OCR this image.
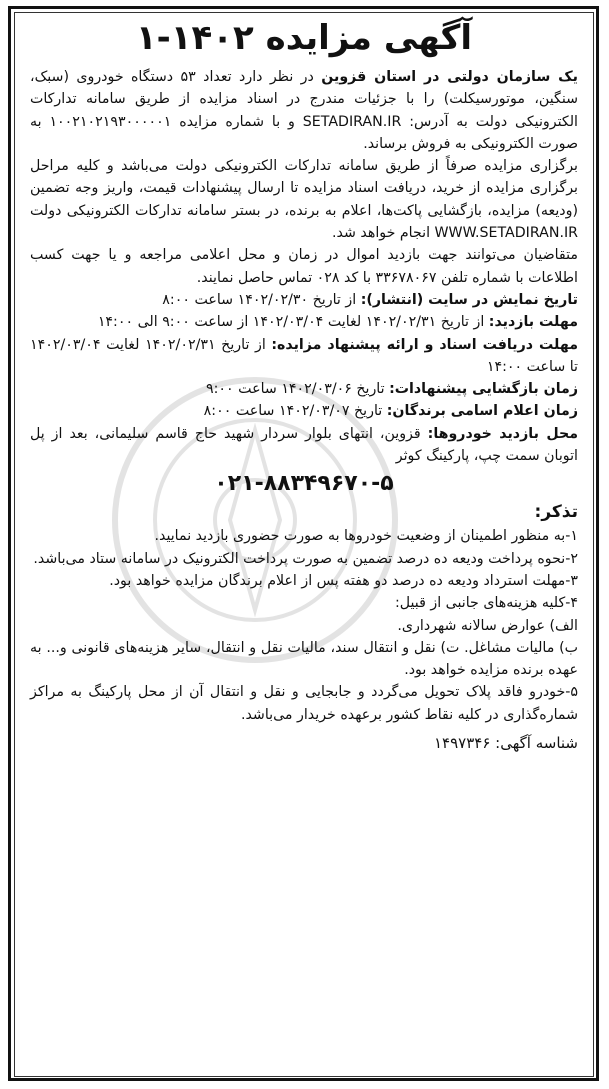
آگهی مزایده ۱۴۰۲-۱

یک سازمان دولتی در استان قزوین در نظر دارد تعداد ۵۳ دستگاه خودروی (سبک، سنگین، موتورسیکلت) را با جزئیات مندرج در اسناد مزایده از طریق سامانه تدارکات الکترونیکی دولت به آدرس: SETADIRAN.IR و با شماره مزایده ۱۰۰۲۱۰۲۱۹۳۰۰۰۰۰۱ به صورت الکترونیکی به فروش برساند.

برگزاری مزایده صرفاً از طریق سامانه تدارکات الکترونیکی دولت می‌باشد و کلیه مراحل برگزاری مزایده از خرید، دریافت اسناد مزایده تا ارسال پیشنهادات قیمت، واریز وجه تضمین (ودیعه) مزایده، بازگشایی پاکت‌ها، اعلام به برنده، در بستر سامانه تدارکات الکترونیکی دولت WWW.SETADIRAN.IR انجام خواهد شد.

متقاضیان می‌توانند جهت بازدید اموال در زمان و محل اعلامی مراجعه و یا جهت کسب اطلاعات با شماره تلفن ۳۳۶۷۸۰۶۷ با کد ۰۲۸ تماس حاصل نمایند.

تاریخ نمایش در سایت (انتشار): از تاریخ ۱۴۰۲/۰۲/۳۰ ساعت ۸:۰۰

مهلت بازدید: از تاریخ ۱۴۰۲/۰۲/۳۱ لغایت ۱۴۰۲/۰۳/۰۴ از ساعت ۹:۰۰ الی ۱۴:۰۰

مهلت دریافت اسناد و ارائه پیشنهاد مزایده: از تاریخ ۱۴۰۲/۰۲/۳۱ لغایت ۱۴۰۲/۰۳/۰۴ تا ساعت ۱۴:۰۰

زمان بازگشایی پیشنهادات: تاریخ ۱۴۰۲/۰۳/۰۶ ساعت ۹:۰۰

زمان اعلام اسامی برندگان: تاریخ ۱۴۰۲/۰۳/۰۷ ساعت ۸:۰۰

محل بازدید خودروها: قزوین، انتهای بلوار سردار شهید حاج قاسم سلیمانی، بعد از پل اتوبان سمت چپ، پارکینگ کوثر

۰۲۱-۸۸۳۴۹۶۷۰-۵
تذکر:

۱-به منظور اطمینان از وضعیت خودروها به صورت حضوری بازدید نمایید.

۲-نحوه پرداخت ودیعه ده درصد تضمین به صورت پرداخت الکترونیک در سامانه ستاد می‌باشد.

۳-مهلت استرداد ودیعه ده درصد دو هفته پس از اعلام برندگان مزایده خواهد بود.

۴-کلیه هزینه‌های جانبی از قبیل:

الف) عوارض سالانه شهرداری.

ب) مالیات مشاغل. ت) نقل و انتقال سند، مالیات نقل و انتقال، سایر هزینه‌های قانونی و... به عهده برنده مزایده خواهد بود.

۵-خودرو فاقد پلاک تحویل می‌گردد و جابجایی و نقل و انتقال آن از محل پارکینگ به مراکز شماره‌گذاری در کلیه نقاط کشور برعهده خریدار می‌باشد.

شناسه آگهی: ۱۴۹۷۳۴۶
